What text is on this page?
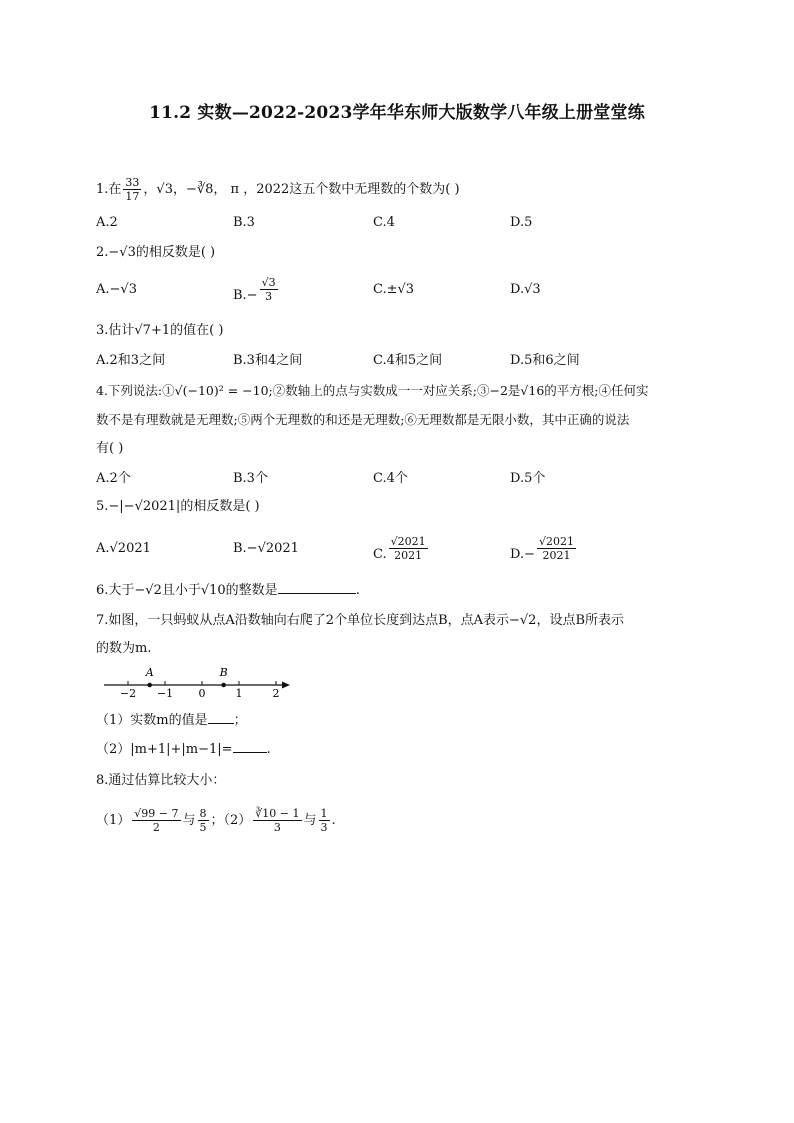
11.2 实数—2022-2023学年华东师大版数学八年级上册堂堂练
1.在 $\frac{33}{17}$ ，√3，−∛8， π ，2022这五个数中无理数的个数为( )
A.2	B.3	C.4	D.5
2.−√3的相反数是( )
A.−√3	$B.- \frac{√3}{3}$	C.±√3	D.√3
3.估计√7+1的值在( )
A.2和3之间	B.3和4之间	C.4和5之间	D.5和6之间
4.下列说法:①√(−10)² = −10;②数轴上的点与实数成一一对应关系;③−2是√16的平方根;④任何实
数不是有理数就是无理数;⑤两个无理数的和还是无理数;⑥无理数都是无限小数，其中正确的说法
有( )
A.2个	B.3个	C.4个	D.5个
5.−|−√2021|的相反数是( )
A.√2021	B.−√2021	C. $\frac{√2021}{2021}$	$D.- \frac{√2021}{2021}$
6.大于−√2且小于√10的整数是	.
7.如图，一只蚂蚁从点A沿数轴向右爬了2个单位长度到达点B，点A表示−√2，设点B所表示
的数为m.
−2 −1 0	1	2
A	B
（1）实数m的值是 ；
（2）|m+1|+|m−1|=	.
8.通过估算比较大小：
$(1) \frac{√99 - 7}{2}$ 与 $\frac{8}{5}$ ；$(2) \frac{∛10 - 1}{3}$ 与 $\frac{1}{3}$ .
